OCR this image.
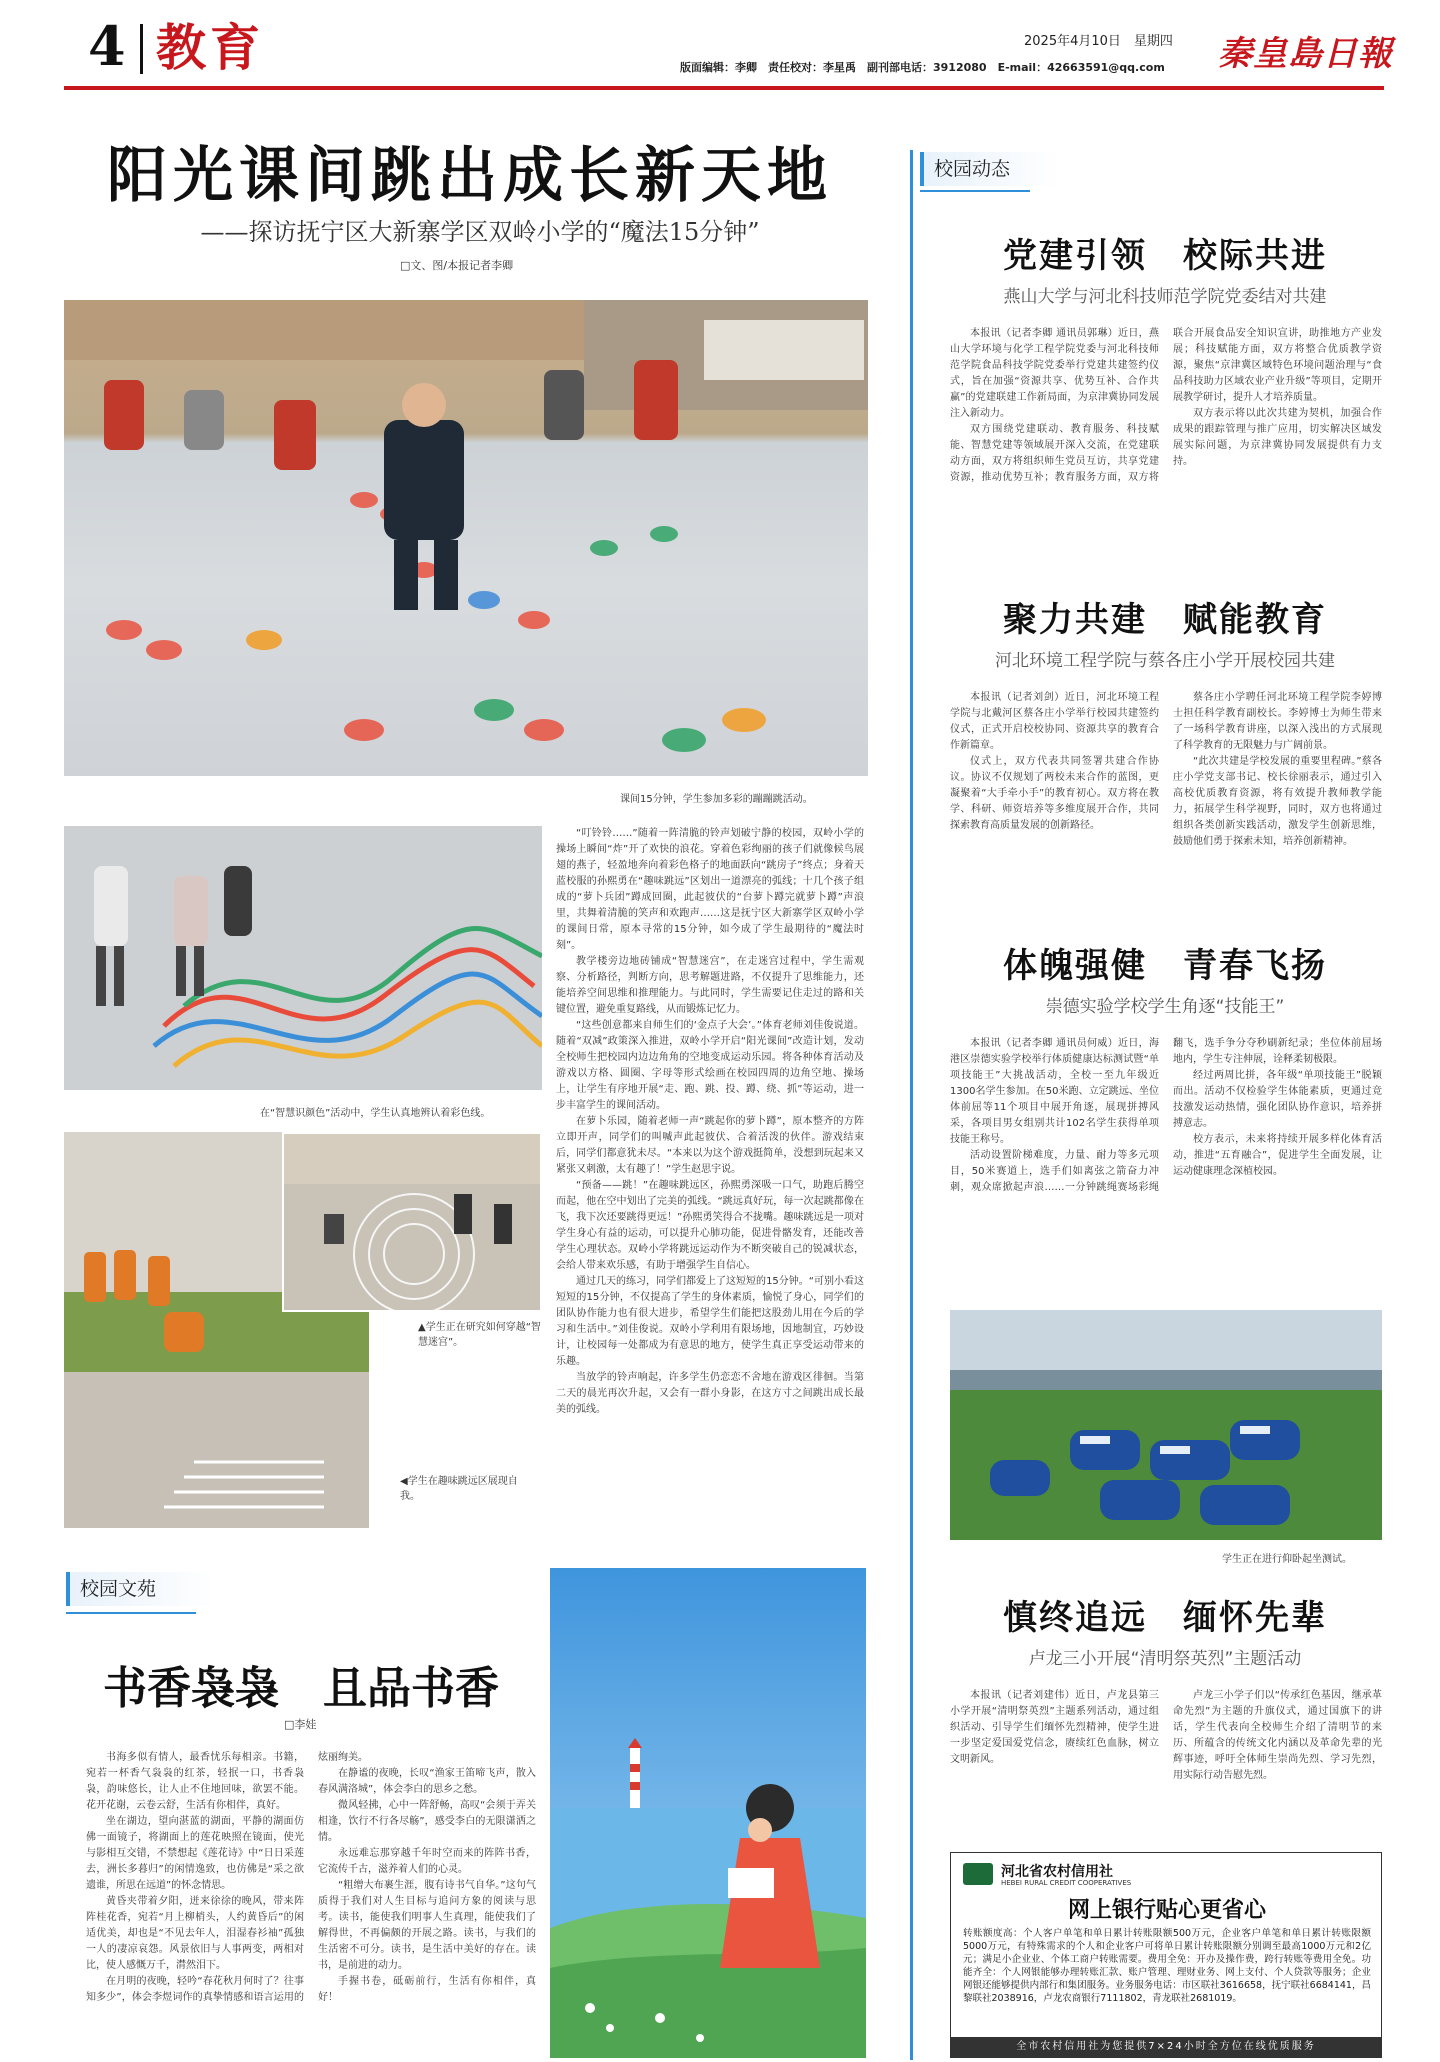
4 教育	2025年4月10日　 星期四
版面编辑：李卿　责任校对：李星禹　副刊部电话：3912080　E-mail：42663591@qq.com 秦皇島日報
阳光课间跳出成长新天地
——探访抚宁区大新寨学区双岭小学的“魔法15分钟”
□文、图/本报记者李卿
课间15分钟，学生参加多彩的蹦蹦跳活动。
在“智慧识颜色”活动中，学生认真地辨认着彩色线。
◀学生在趣味跳远区展现自我。
▲学生正在研究如何穿越“智慧迷宫”。

“叮铃铃……”随着一阵清脆的铃声划破宁静的校园，双岭小学的操场上瞬间“炸”开了欢快的浪花。穿着色彩绚丽的孩子们就像候鸟展翅的燕子，轻盈地奔向着彩色格子的地面跃向“跳房子”终点；身着天蓝校服的孙熙勇在“趣味跳远”区划出一道漂亮的弧线；十几个孩子组成的“萝卜兵团”蹲成回圈，此起彼伏的“台萝卜蹲完就萝卜蹲”声浪里，共舞着清脆的笑声和欢跑声……这是抚宁区大新寨学区双岭小学的课间日常，原本寻常的15分钟，如今成了学生最期待的“魔法时刻”。

教学楼旁边地砖铺成“智慧迷宫”，在走迷宫过程中，学生需观察、分析路径，判断方向，思考解题进路，不仅提升了思维能力，还能培养空间思维和推理能力。与此同时，学生需要记住走过的路和关键位置，避免重复路线，从而锻炼记忆力。

“这些创意都来自师生们的‘金点子大会’。”体育老师刘佳俊说道。随着“双减”政策深入推进，双岭小学开启“阳光课间”改造计划，发动全校师生把校园内边边角角的空地变成运动乐园。将各种体育活动及游戏以方格、圆圈、字母等形式绘画在校园四周的边角空地、操场上，让学生有序地开展“走、跑、跳、投、蹲、绕、抓”等运动，进一步丰富学生的课间活动。

在萝卜乐园，随着老师一声“跳起你的萝卜蹲”，原本整齐的方阵立即开声，同学们的叫喊声此起彼伏、合着活泼的伙伴。游戏结束后，同学们都意犹未尽。“本来以为这个游戏挺简单，没想到玩起来又紧张又刺激，太有趣了！”学生赵思宇说。

“预备——跳！”在趣味跳远区，孙熙勇深吸一口气，助跑后腾空而起，他在空中划出了完美的弧线。“跳远真好玩，每一次起跳都像在飞，我下次还要跳得更远！”孙熙勇笑得合不拢嘴。趣味跳远是一项对学生身心有益的运动，可以提升心肺功能，促进骨骼发育，还能改善学生心理状态。双岭小学将跳远运动作为不断突破自己的锐减状态，会给人带来欢乐感，有助于增强学生自信心。

通过几天的练习，同学们都爱上了这短短的15分钟。“可别小看这短短的15分钟，不仅提高了学生的身体素质，愉悦了身心，同学们的团队协作能力也有很大进步，希望学生们能把这股劲儿用在今后的学习和生活中。”刘佳俊说。双岭小学利用有限场地，因地制宜，巧妙设计，让校园每一处都成为有意思的地方，使学生真正享受运动带来的乐趣。

当放学的铃声响起，许多学生仍恋恋不舍地在游戏区徘徊。当第二天的晨光再次升起，又会有一群小身影，在这方寸之间跳出成长最美的弧线。

校园文苑
书香袅袅　且品书香
□李娃

书海多似有情人，最香忧乐每相亲。书籍，宛若一杯香气袅袅的红茶，轻抿一口，书香袅袅，韵味悠长，让人止不住地回味，欲罢不能。花开花谢，云卷云舒，生活有你相伴，真好。

坐在湖边，望向湛蓝的湖面，平静的湖面仿佛一面镜子，将湖面上的莲花映照在镜面，使光与影相互交错，不禁想起《莲花诗》中“日日采莲去，洲长多暮归”的闲情逸致，也仿佛是“采之欲遗谁，所思在远道”的怀念情思。

黄昏夹带着夕阳，迸来徐徐的晚风，带来阵阵桂花香，宛若“月上柳梢头，人约黄昏后”的闲适优美，却也是“不见去年人，泪湿春衫袖”孤独一人的凄凉哀怨。风景依旧与人事两变，两相对比，使人感慨万千，潸然泪下。

在月明的夜晚，轻吟“春花秋月何时了？往事知多少”，体会李煜词作的真挚情感和语言运用的炫丽绚美。

在静谧的夜晚，长叹“渔家王笛啼飞声，散入春风满洛城”，体会李白的思乡之愁。

微风轻拂，心中一阵舒畅，高叹“会须于弄关相逢，饮行不行各尽觞”，感受李白的无限潇洒之情。

永远难忘那穿越千年时空而来的阵阵书香，它流传千古，滋养着人们的心灵。

“粗缯大布裹生涯，腹有诗书气自华。”这句气质得于我们对人生目标与追问方象的阅读与思考。读书，能使我们明事人生真理，能使我们了解得世，不再偏颇的开展之路。读书，与我们的生活密不可分。读书，是生活中美好的存在。读书，是前进的动力。

手握书卷，砥砺前行，生活有你相伴，真好！

校园动态
党建引领　校际共进
燕山大学与河北科技师范学院党委结对共建

本报讯（记者李卿 通讯员郭琳）近日，燕山大学环境与化学工程学院党委与河北科技师范学院食品科技学院党委举行党建共建签约仪式，旨在加强“资源共享、优势互补、合作共赢”的党建联建工作新局面，为京津冀协同发展注入新动力。

双方围绕党建联动、教育服务、科技赋能、智慧党建等领域展开深入交流，在党建联动方面，双方将组织师生党员互访，共享党建资源，推动优势互补；教育服务方面，双方将联合开展食品安全知识宣讲，助推地方产业发展；科技赋能方面，双方将整合优质教学资源，聚焦“京津冀区域特色环境问题治理与“食品科技助力区域农业产业升级”等项目，定期开展教学研讨，提升人才培养质量。

双方表示将以此次共建为契机，加强合作成果的跟踪管理与推广应用，切实解决区域发展实际问题，为京津冀协同发展提供有力支持。

聚力共建　赋能教育
河北环境工程学院与蔡各庄小学开展校园共建

本报讯（记者刘剑）近日，河北环境工程学院与北戴河区蔡各庄小学举行校园共建签约仪式，正式开启校校协同、资源共享的教育合作新篇章。

仪式上，双方代表共同签署共建合作协议。协议不仅规划了两校未来合作的蓝图，更凝聚着“大手牵小手”的教育初心。双方将在教学、科研、师资培养等多维度展开合作，共同探索教育高质量发展的创新路径。

蔡各庄小学聘任河北环境工程学院李婷博士担任科学教育副校长。李婷博士为师生带来了一场科学教育讲座，以深入浅出的方式展现了科学教育的无限魅力与广阔前景。

“此次共建是学校发展的重要里程碑。”蔡各庄小学党支部书记、校长徐丽表示，通过引入高校优质教育资源，将有效提升教师教学能力，拓展学生科学视野，同时，双方也将通过组织各类创新实践活动，激发学生创新思维，鼓励他们勇于探索未知，培养创新精神。

体魄强健　青春飞扬
崇德实验学校学生角逐“技能王”

本报讯（记者李卿 通讯员何威）近日，海港区崇德实验学校举行体质健康达标测试暨“单项技能王”大挑战活动，全校一至九年级近1300名学生参加。在50米跑、立定跳远、坐位体前屈等11个项目中展开角逐，展现拼搏风采，各项目男女组别共计102名学生获得单项技能王称号。

活动设置阶梯难度，力量、耐力等多元项目，50米赛道上，选手们如离弦之箭奋力冲刺，观众席掀起声浪……一分钟跳绳赛场彩绳翻飞，选手争分夺秒刷新纪录；坐位体前屈场地内，学生专注伸展，诠释柔韧极限。

经过两周比拼，各年级“单项技能王”脱颖而出。活动不仅检验学生体能素质，更通过竞技激发运动热情，强化团队协作意识，培养拼搏意志。

校方表示，未来将持续开展多样化体育活动，推进“五育融合”，促进学生全面发展，让运动健康理念深植校园。

学生正在进行仰卧起坐测试。
慎终追远　缅怀先辈
卢龙三小开展“清明祭英烈”主题活动

本报讯（记者刘建伟）近日，卢龙县第三小学开展“清明祭英烈”主题系列活动，通过组织活动、引导学生们缅怀先烈精神，使学生进一步坚定爱国爱党信念，赓续红色血脉，树立文明新风。

卢龙三小学子们以“传承红色基因，继承革命先烈”为主题的升旗仪式，通过国旗下的讲话，学生代表向全校师生介绍了清明节的来历、所蕴含的传统文化内涵以及革命先辈的光辉事迹，呼吁全体师生崇尚先烈、学习先烈，用实际行动告慰先烈。

河北省农村信用社
HEBEI RURAL CREDIT COOPERATIVES
网上银行贴心更省心
转账额度高：个人客户单笔和单日累计转账限额500万元，企业客户单笔和单日累计转账限额5000万元，有特殊需求的个人和企业客户可将单日累计转账限额分别调至最高1000万元和2亿元；满足小企业业、个体工商户转账需要。费用全免：开办及操作费，跨行转账等费用全免。功能齐全：个人网银能够办理转账汇款、账户管理、理财业务、网上支付、个人贷款等服务；企业网银还能够提供内部行和集团服务。业务服务电话：市区联社3616658，抚宁联社6684141，昌黎联社2038916，卢龙农商银行7111802，青龙联社2681019。
全市农村信用社为您提供7×24小时全方位在线优质服务
